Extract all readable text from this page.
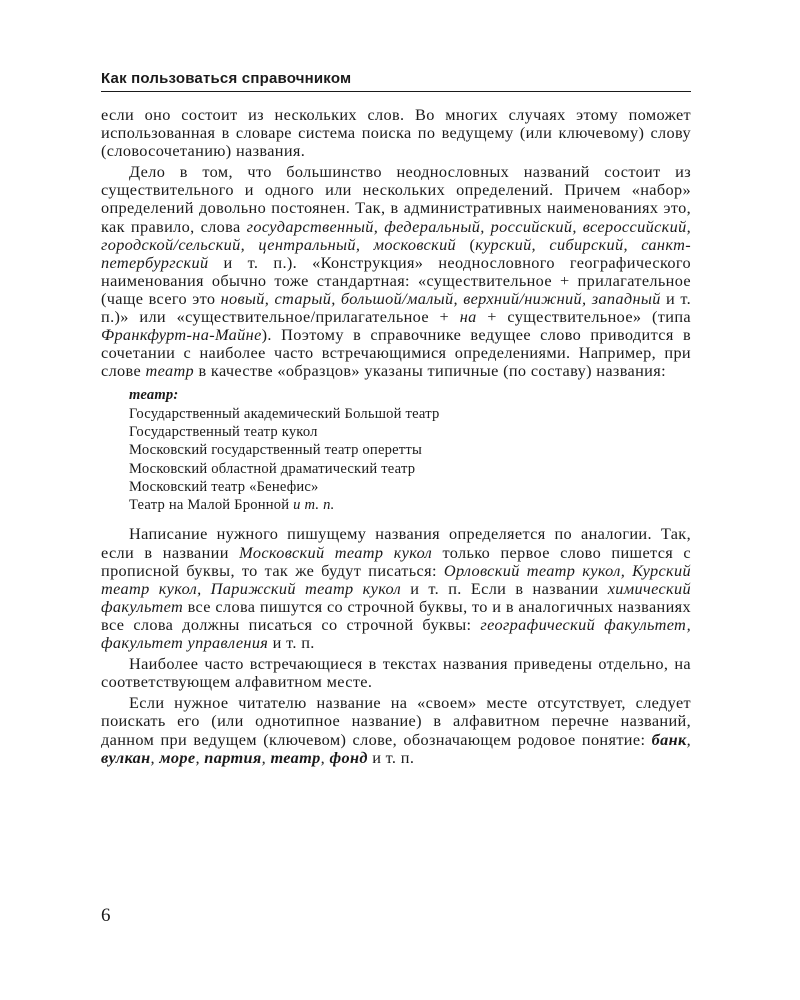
Как пользоваться справочником

если оно состоит из нескольких слов. Во многих случаях этому поможет использованная в словаре система поиска по ведущему (или ключевому) слову (словосочетанию) названия.

Дело в том, что большинство неоднословных названий состоит из существительного и одного или нескольких определений. Причем «набор» определений довольно постоянен. Так, в административных наименованиях это, как правило, слова государственный, федеральный, российский, всероссийский, городской/сельский, центральный, московский (курский, сибирский, санкт-петербургский и т. п.). «Конструкция» неоднословного географического наименования обычно тоже стандартная: «существительное + прилагательное (чаще всего это новый, старый, большой/малый, верхний/нижний, западный и т. п.)» или «существительное/прилагательное + на + существительное» (типа Франкфурт-на-Майне). Поэтому в справочнике ведущее слово приводится в сочетании с наиболее часто встречающимися определениями. Например, при слове театр в качестве «образцов» указаны типичные (по составу) названия:

театр:
Государственный академический Большой театр
Государственный театр кукол
Московский государственный театр оперетты
Московский областной драматический театр
Московский театр «Бенефис»
Театр на Малой Бронной и т. п.

Написание нужного пишущему названия определяется по аналогии. Так, если в названии Московский театр кукол только первое слово пишется с прописной буквы, то так же будут писаться: Орловский театр кукол, Курский театр кукол, Парижский театр кукол и т. п. Если в названии химический факультет все слова пишутся со строчной буквы, то и в аналогичных названиях все слова должны писаться со строчной буквы: географический факультет, факультет управления и т. п.

Наиболее часто встречающиеся в текстах названия приведены отдельно, на соответствующем алфавитном месте.

Если нужное читателю название на «своем» месте отсутствует, следует поискать его (или однотипное название) в алфавитном перечне названий, данном при ведущем (ключевом) слове, обозначающем родовое понятие: банк, вулкан, море, партия, театр, фонд и т. п.

6
